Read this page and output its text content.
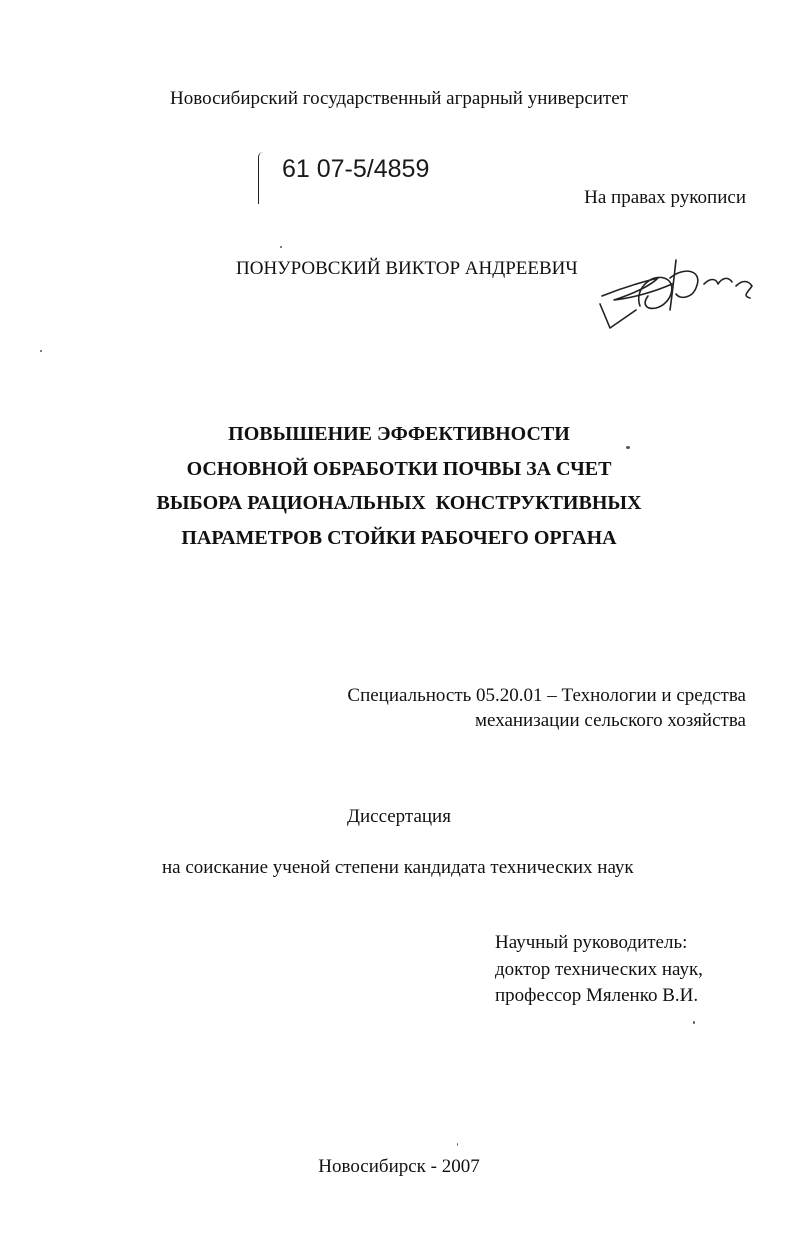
Новосибирский государственный аграрный университет
61 07-5/4859
На правах рукописи
ПОНУРОВСКИЙ ВИКТОР АНДРЕЕВИЧ
ПОВЫШЕНИЕ ЭФФЕКТИВНОСТИ
ОСНОВНОЙ ОБРАБОТКИ ПОЧВЫ ЗА СЧЕТ
ВЫБОРА РАЦИОНАЛЬНЫХ  КОНСТРУКТИВНЫХ
ПАРАМЕТРОВ СТОЙКИ РАБОЧЕГО ОРГАНА
Специальность 05.20.01 – Технологии и средства
механизации сельского хозяйства
Диссертация
на соискание ученой степени кандидата технических наук
Научный руководитель:
доктор технических наук,
профессор Мяленко В.И.
Новосибирск - 2007
